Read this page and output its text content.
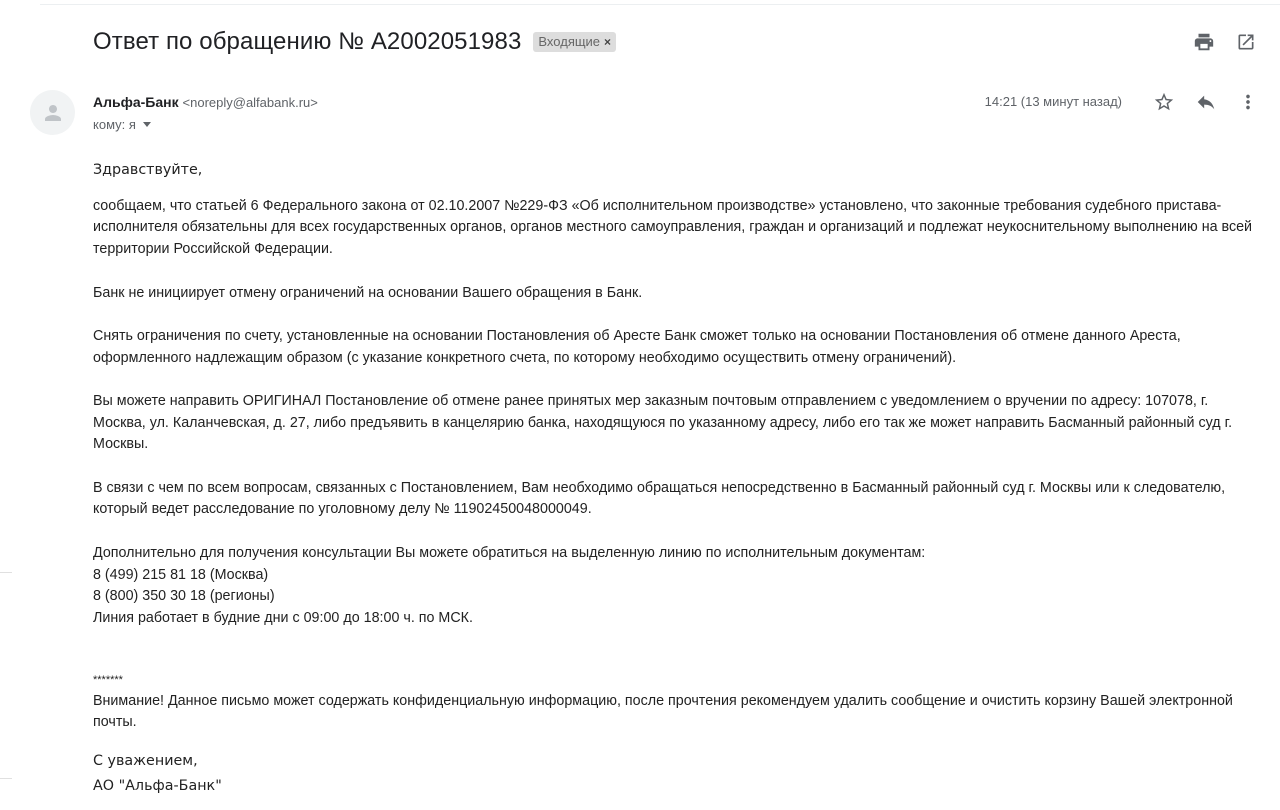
Ответ по обращению № A2002051983 Входящие ×
Альфа-Банк <noreply@alfabank.ru>
кому: я
14:21 (13 минут назад)

Здравствуйте,

сообщаем, что статьей 6 Федерального закона от 02.10.2007 №229-ФЗ «Об исполнительном производстве» установлено, что законные требования судебного пристава-исполнителя обязательны для всех государственных органов, органов местного самоуправления, граждан и организаций и подлежат неукоснительному выполнению на всей территории Российской Федерации.

Банк не инициирует отмену ограничений на основании Вашего обращения в Банк.

Снять ограничения по счету, установленные на основании Постановления об Аресте Банк сможет только на основании Постановления об отмене данного Ареста, оформленного надлежащим образом (с указание конкретного счета, по которому необходимо осуществить отмену ограничений).

Вы можете направить ОРИГИНАЛ Постановление об отмене ранее принятых мер заказным почтовым отправлением с уведомлением о вручении по адресу: 107078, г. Москва, ул. Каланчевская, д. 27, либо предъявить в канцелярию банка, находящуюся по указанному адресу, либо его так же может направить Басманный районный суд г. Москвы.

В связи с чем по всем вопросам, связанных с Постановлением, Вам необходимо обращаться непосредственно в Басманный районный суд г. Москвы или к следователю, который ведет расследование по уголовному делу № 11902450048000049.

Дополнительно для получения консультации Вы можете обратиться на выделенную линию по исполнительным документам:

8 (499) 215 81 18 (Москва)

8 (800) 350 30 18 (регионы)

Линия работает в будние дни с 09:00 до 18:00 ч. по МСК.

*******

Внимание! Данное письмо может содержать конфиденциальную информацию, после прочтения рекомендуем удалить сообщение и очистить корзину Вашей электронной почты.

С уважением,

АО "Альфа-Банк"
